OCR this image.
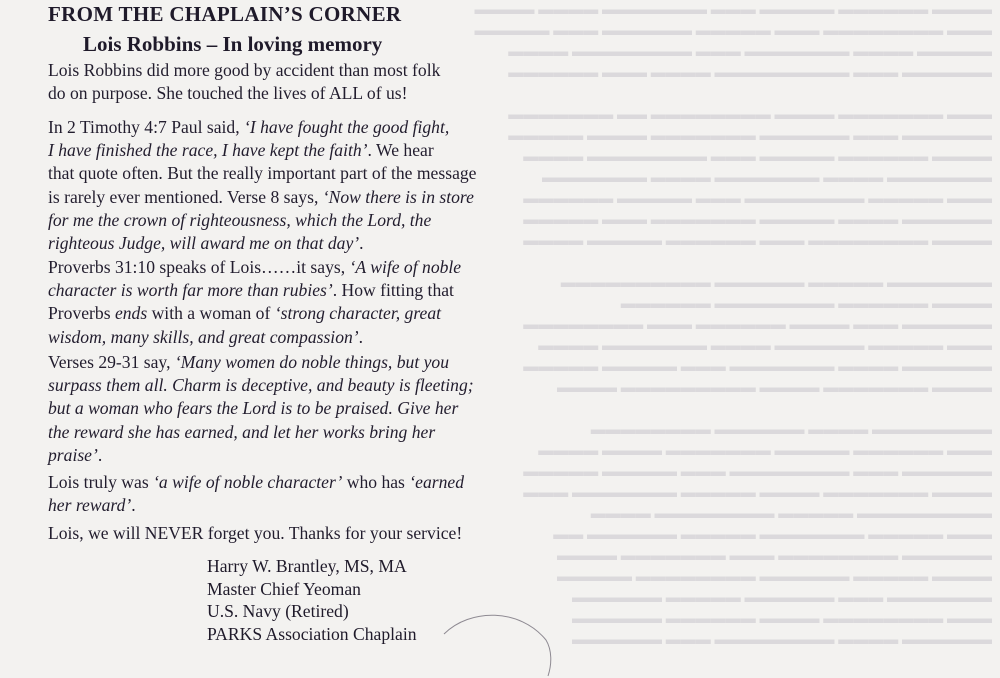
▬▬▬▬ ▬▬▬▬▬▬ ▬▬▬▬▬ ▬▬▬ ▬▬▬▬▬▬▬ ▬▬▬▬ ▬▬▬▬
▬▬▬ ▬▬▬▬▬▬▬▬ ▬▬▬ ▬▬▬▬▬ ▬▬▬▬▬▬ ▬▬▬ ▬▬▬▬▬
▬▬▬▬▬ ▬▬▬▬ ▬▬▬▬▬▬▬ ▬▬▬ ▬▬▬▬▬▬▬▬ ▬▬▬▬
▬▬▬▬▬▬ ▬▬▬ ▬▬▬▬▬▬▬▬▬ ▬▬▬▬ ▬▬▬ ▬▬▬▬▬▬

▬▬▬ ▬▬▬▬▬▬▬ ▬▬▬▬ ▬▬▬▬▬▬▬▬ ▬▬ ▬▬▬▬▬▬▬
▬▬▬▬▬▬ ▬▬▬ ▬▬▬▬▬▬ ▬▬▬▬▬▬▬ ▬▬▬▬ ▬▬▬▬▬
▬▬▬▬ ▬▬▬▬▬▬ ▬▬▬▬▬ ▬▬▬ ▬▬▬▬▬▬▬▬ ▬▬▬▬
▬▬▬▬▬▬▬ ▬▬▬▬ ▬▬▬▬▬▬▬ ▬▬▬▬ ▬▬▬▬▬▬▬
▬▬▬ ▬▬▬▬▬ ▬▬▬▬▬▬▬▬ ▬▬▬ ▬▬▬▬▬ ▬▬▬▬▬▬
▬▬▬▬▬▬ ▬▬▬▬ ▬▬▬▬▬ ▬▬▬▬▬▬▬ ▬▬▬ ▬▬▬▬▬
▬▬▬▬ ▬▬▬▬▬▬▬▬ ▬▬▬ ▬▬▬▬▬▬ ▬▬▬▬▬ ▬▬▬▬

▬▬▬▬▬▬▬ ▬▬▬▬▬ ▬▬▬▬▬▬ ▬▬▬▬▬▬▬▬▬▬
▬▬▬▬ ▬▬▬▬▬▬ ▬▬▬▬▬▬▬▬ ▬▬▬▬▬▬
▬▬▬▬▬▬ ▬▬▬ ▬▬▬▬ ▬▬▬▬▬▬ ▬▬▬ ▬▬▬▬▬▬▬▬
▬▬▬ ▬▬▬▬▬ ▬▬▬▬▬▬ ▬▬▬▬ ▬▬▬▬▬▬▬ ▬▬▬▬
▬▬▬▬▬▬ ▬▬▬▬ ▬▬▬▬▬▬▬ ▬▬▬ ▬▬▬▬▬ ▬▬▬▬▬
▬▬▬▬ ▬▬▬▬▬▬▬ ▬▬▬▬ ▬▬▬▬▬▬▬▬▬ ▬▬▬▬

▬▬▬▬▬▬▬▬ ▬▬▬▬ ▬▬▬▬▬▬ ▬▬▬▬▬▬▬▬
▬▬▬ ▬▬▬▬▬▬ ▬▬▬▬▬ ▬▬▬▬▬▬▬ ▬▬▬▬ ▬▬▬▬
▬▬▬▬▬▬ ▬▬▬ ▬▬▬▬▬▬▬▬ ▬▬▬ ▬▬▬▬▬ ▬▬▬▬▬
▬▬▬▬ ▬▬▬▬▬▬▬ ▬▬▬▬ ▬▬▬▬▬ ▬▬▬▬▬▬▬ ▬▬▬
▬▬▬▬▬▬▬▬▬ ▬▬▬▬▬ ▬▬▬▬▬▬▬▬ ▬▬▬▬
▬▬▬ ▬▬▬▬▬ ▬▬▬▬▬▬▬ ▬▬▬▬▬ ▬▬▬▬▬▬ ▬▬
▬▬▬▬▬▬ ▬▬▬▬▬▬▬▬ ▬▬▬ ▬▬▬▬▬▬▬ ▬▬▬▬
▬▬▬▬ ▬▬▬▬▬ ▬▬▬▬▬▬ ▬▬▬▬▬▬▬▬ ▬▬▬▬▬
▬▬▬▬▬▬▬ ▬▬▬ ▬▬▬▬▬▬ ▬▬▬▬▬ ▬▬▬▬▬▬
▬▬▬ ▬▬▬▬▬▬▬▬ ▬▬▬▬ ▬▬▬▬▬▬ ▬▬▬▬▬▬
▬▬▬▬▬▬ ▬▬▬▬ ▬▬▬▬▬▬▬▬ ▬▬▬ ▬▬▬▬▬▬
FROM THE CHAPLAIN’S CORNER
Lois Robbins – In loving memory

Lois Robbins did more good by accident than most folk
do on purpose. She touched the lives of ALL of us!

In 2 Timothy 4:7 Paul said, ‘I have fought the good fight,
I have finished the race, I have kept the faith’. We hear
that quote often. But the really important part of the message
is rarely ever mentioned. Verse 8 says, ‘Now there is in store
for me the crown of righteousness, which the Lord, the
righteous Judge, will award me on that day’.

Proverbs 31:10 speaks of Lois……it says, ‘A wife of noble
character is worth far more than rubies’. How fitting that
Proverbs ends with a woman of ‘strong character, great
wisdom, many skills, and great compassion’.

Verses 29-31 say, ‘Many women do noble things, but you
surpass them all. Charm is deceptive, and beauty is fleeting;
but a woman who fears the Lord is to be praised. Give her
the reward she has earned, and let her works bring her
praise’.

Lois truly was ‘a wife of noble character’ who has ‘earned
her reward’.

Lois, we will NEVER forget you. Thanks for your service!

Harry W. Brantley, MS, MA
Master Chief Yeoman
U.S. Navy (Retired)
PARKS Association Chaplain
